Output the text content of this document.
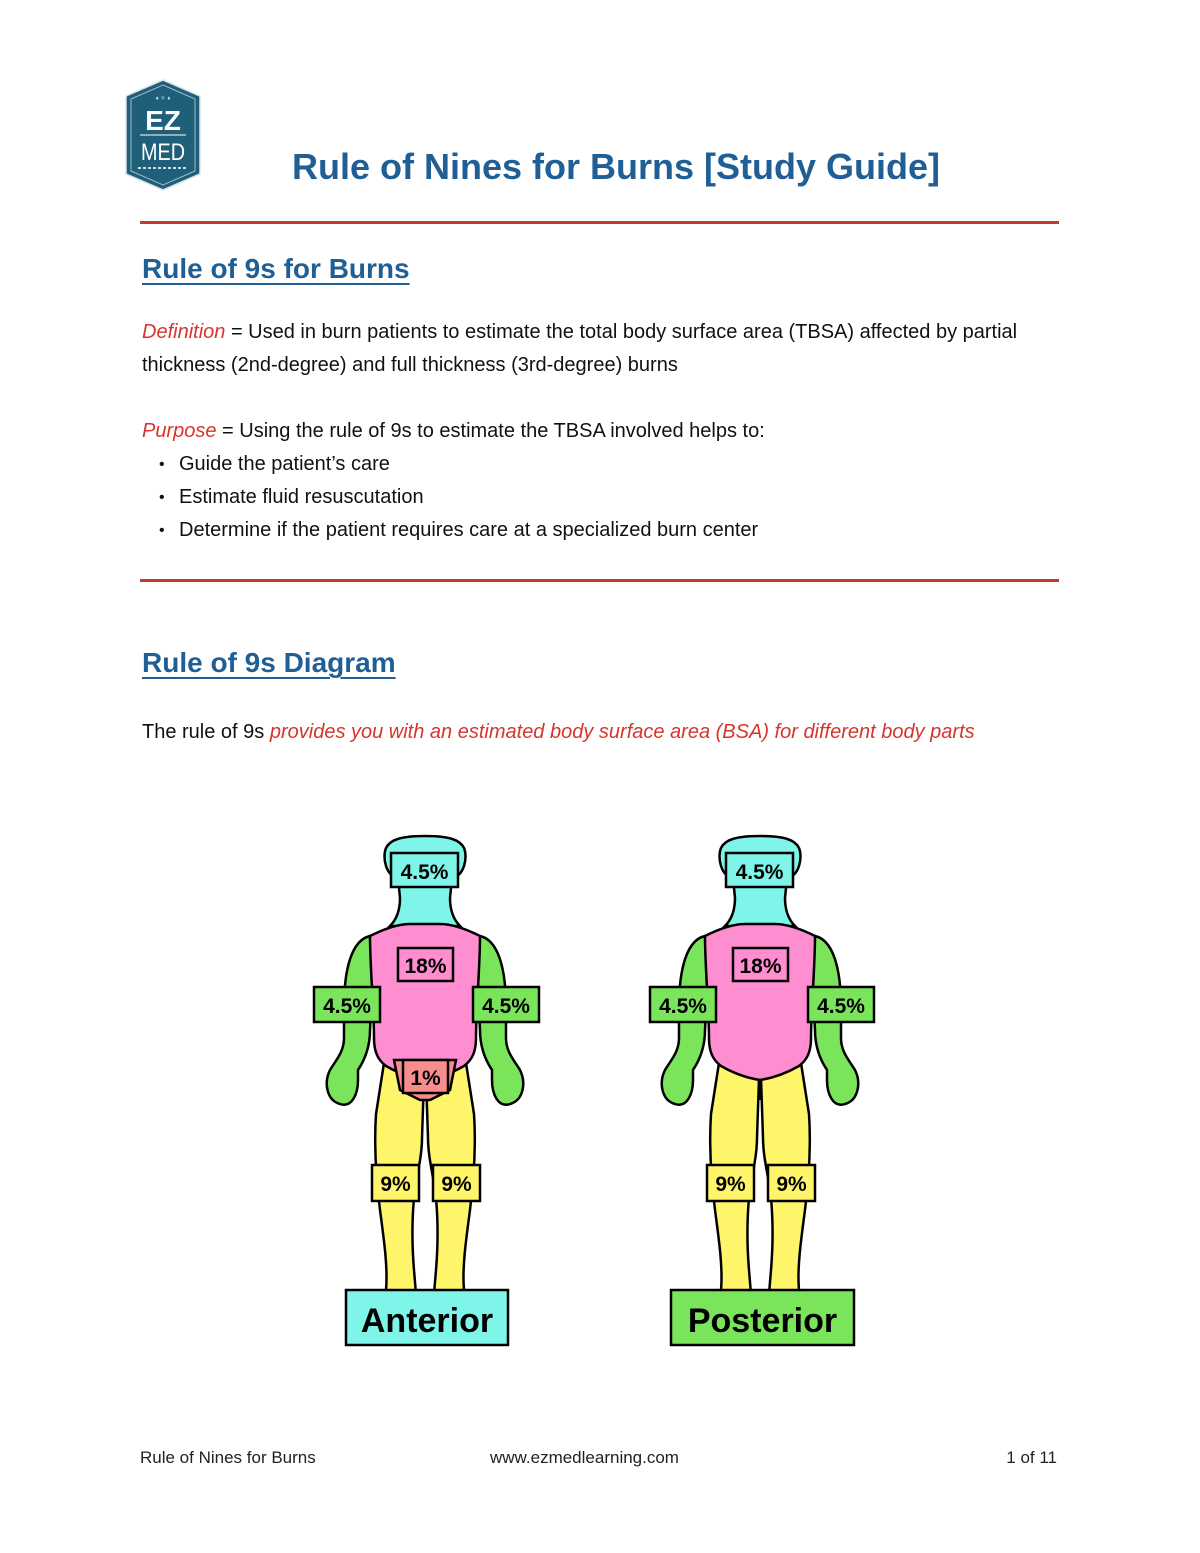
♦ ⚛ ♦
EZ
MED	Rule of Nines for Burns [Study Guide]
Rule of 9s for Burns

Definition = Used in burn patients to estimate the total body surface area (TBSA) affected by partial thickness (2nd-degree) and full thickness (3rd-degree) burns

Purpose = Using the rule of 9s to estimate the TBSA involved helps to:

• Guide the patient’s care
• Estimate fluid resuscutation
• Determine if the patient requires care at a specialized burn center
Rule of 9s Diagram

The rule of 9s provides you with an estimated body surface area (BSA) for different body parts

4.5%
18%
4.5%	4.5%
1%
9% 9%
Anterior
4.5%
18%
4.5%	4.5%
9% 9%
Posterior
Rule of Nines for Burns	www.ezmedlearning.com	1 of 11
